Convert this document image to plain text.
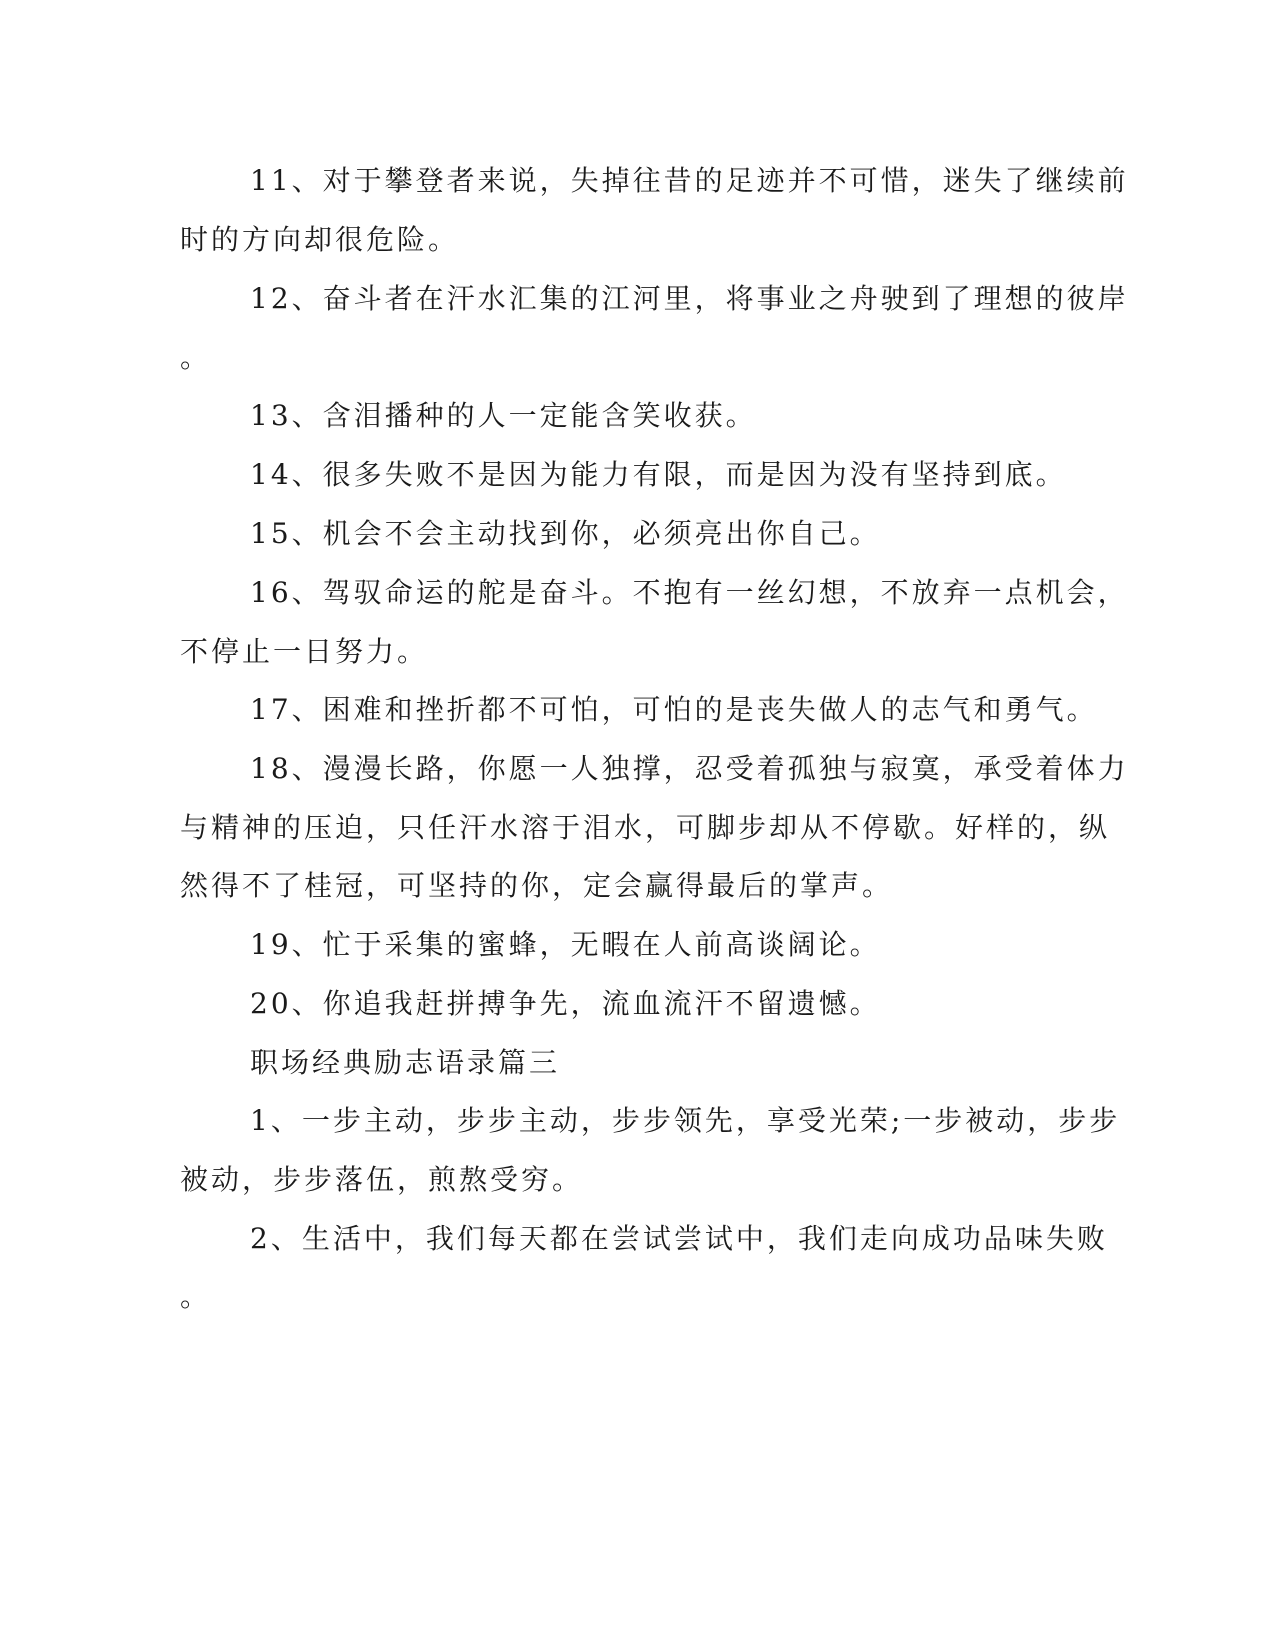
11、对于攀登者来说，失掉往昔的足迹并不可惜，迷失了继续前

时的方向却很危险。

12、奋斗者在汗水汇集的江河里，将事业之舟驶到了理想的彼岸

。

13、含泪播种的人一定能含笑收获。

14、很多失败不是因为能力有限，而是因为没有坚持到底。

15、机会不会主动找到你，必须亮出你自己。

16、驾驭命运的舵是奋斗。不抱有一丝幻想，不放弃一点机会，

不停止一日努力。

17、困难和挫折都不可怕，可怕的是丧失做人的志气和勇气。

18、漫漫长路，你愿一人独撑，忍受着孤独与寂寞，承受着体力

与精神的压迫，只任汗水溶于泪水，可脚步却从不停歇。好样的，纵

然得不了桂冠，可坚持的你，定会赢得最后的掌声。

19、忙于采集的蜜蜂，无暇在人前高谈阔论。

20、你追我赶拼搏争先，流血流汗不留遗憾。

职场经典励志语录篇三

1、一步主动，步步主动，步步领先，享受光荣;一步被动，步步

被动，步步落伍，煎熬受穷。

2、生活中，我们每天都在尝试尝试中，我们走向成功品味失败

。
